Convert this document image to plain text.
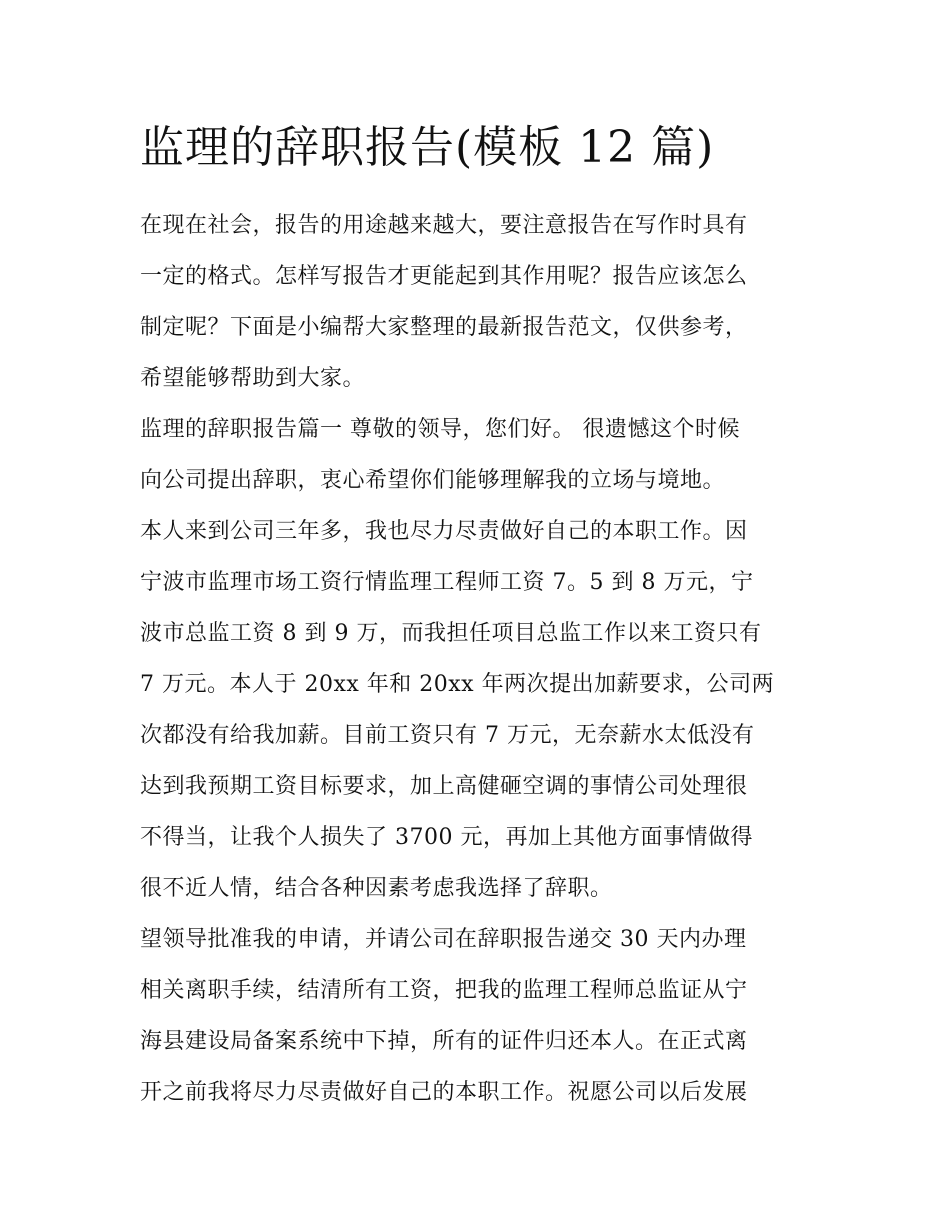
监理的辞职报告(模板 12 篇)
在现在社会，报告的用途越来越大，要注意报告在写作时具有
一定的格式。怎样写报告才更能起到其作用呢？报告应该怎么
制定呢？下面是小编帮大家整理的最新报告范文，仅供参考，
希望能够帮助到大家。
监理的辞职报告篇一 尊敬的领导，您们好。 很遗憾这个时候
向公司提出辞职，衷心希望你们能够理解我的立场与境地。
本人来到公司三年多，我也尽力尽责做好自己的本职工作。因
宁波市监理市场工资行情监理工程师工资 7。5 到 8 万元，宁
波市总监工资 8 到 9 万，而我担任项目总监工作以来工资只有
7 万元。本人于 20xx 年和 20xx 年两次提出加薪要求，公司两
次都没有给我加薪。目前工资只有 7 万元，无奈薪水太低没有
达到我预期工资目标要求，加上高健砸空调的事情公司处理很
不得当，让我个人损失了 3700 元，再加上其他方面事情做得
很不近人情，结合各种因素考虑我选择了辞职。
望领导批准我的申请，并请公司在辞职报告递交 30 天内办理
相关离职手续，结清所有工资，把我的监理工程师总监证从宁
海县建设局备案系统中下掉，所有的证件归还本人。在正式离
开之前我将尽力尽责做好自己的本职工作。祝愿公司以后发展
